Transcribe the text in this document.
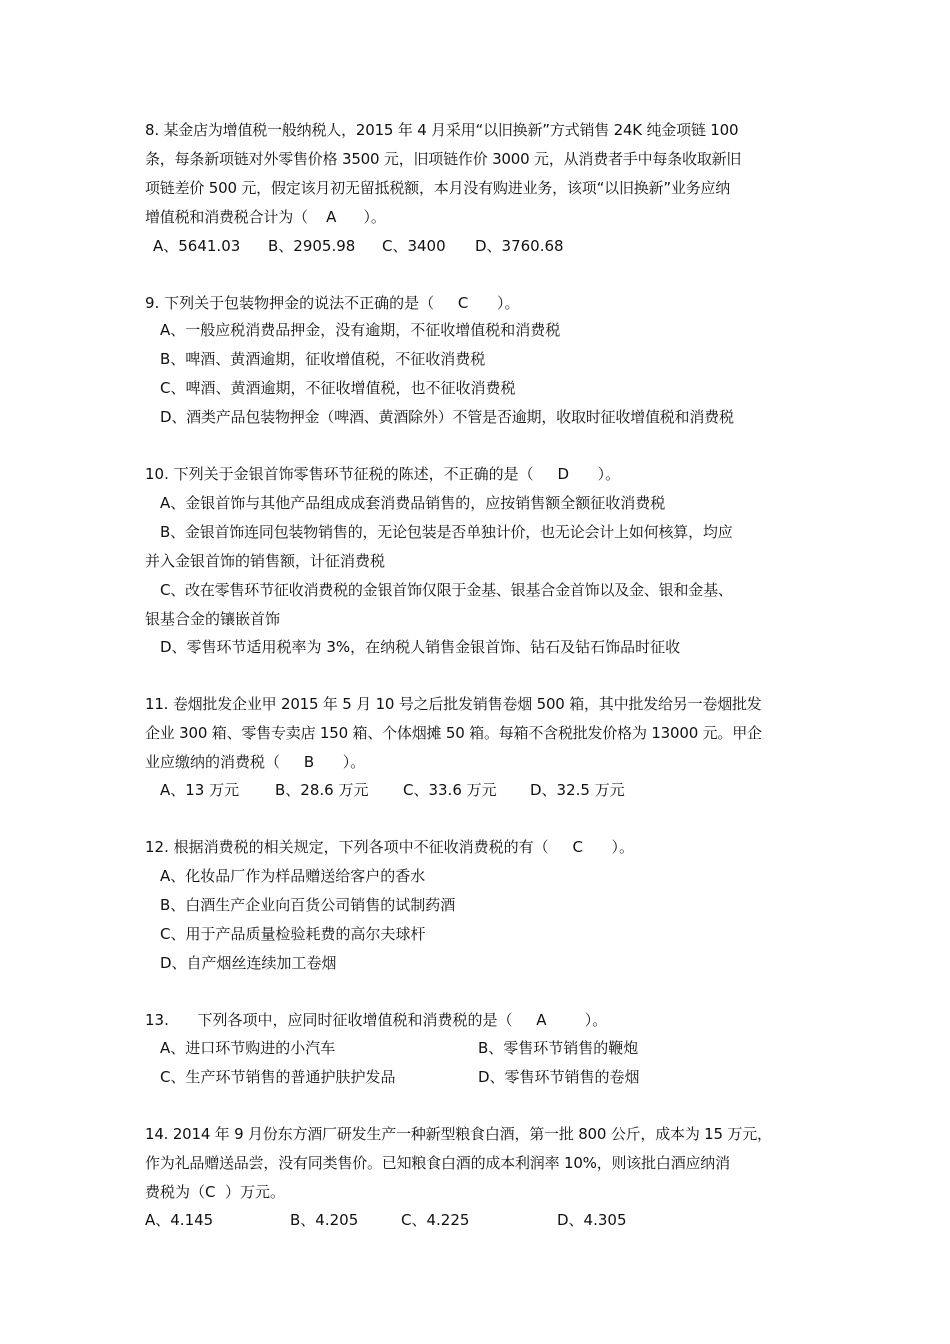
8. 某金店为增值税一般纳税人，2015 年 4 月采用“以旧换新”方式销售 24K 纯金项链 100
条，每条新项链对外零售价格 3500 元，旧项链作价 3000 元，从消费者手中每条收取新旧
项链差价 500 元，假定该月初无留抵税额，本月没有购进业务，该项“以旧换新”业务应纳
增值税和消费税合计为（    A      ）。
A、5641.03 B、2905.98 C、3400 D、3760.68
9. 下列关于包装物押金的说法不正确的是（     C      ）。
A、一般应税消费品押金，没有逾期，不征收增值税和消费税
B、啤酒、黄酒逾期，征收增值税，不征收消费税
C、啤酒、黄酒逾期，不征收增值税，也不征收消费税
D、酒类产品包装物押金（啤酒、黄酒除外）不管是否逾期，收取时征收增值税和消费税
10. 下列关于金银首饰零售环节征税的陈述，不正确的是（     D      ）。
A、金银首饰与其他产品组成成套消费品销售的，应按销售额全额征收消费税
B、金银首饰连同包装物销售的，无论包装是否单独计价，也无论会计上如何核算，均应
并入金银首饰的销售额，计征消费税
C、改在零售环节征收消费税的金银首饰仅限于金基、银基合金首饰以及金、银和金基、
银基合金的镶嵌首饰
D、零售环节适用税率为 3%，在纳税人销售金银首饰、钻石及钻石饰品时征收
11. 卷烟批发企业甲 2015 年 5 月 10 号之后批发销售卷烟 500 箱，其中批发给另一卷烟批发
企业 300 箱、零售专卖店 150 箱、个体烟摊 50 箱。每箱不含税批发价格为 13000 元。甲企
业应缴纳的消费税（     B      ）。
A、13 万元 B、28.6 万元 C、33.6 万元 D、32.5 万元
12. 根据消费税的相关规定，下列各项中不征收消费税的有（     C      ）。
A、化妆品厂作为样品赠送给客户的香水
B、白酒生产企业向百货公司销售的试制药酒
C、用于产品质量检验耗费的高尔夫球杆
D、自产烟丝连续加工卷烟
13.      下列各项中，应同时征收增值税和消费税的是（     A        ）。
A、进口环节购进的小汽车	B、零售环节销售的鞭炮
C、生产环节销售的普通护肤护发品	D、零售环节销售的卷烟
14. 2014 年 9 月份东方酒厂研发生产一种新型粮食白酒，第一批 800 公斤，成本为 15 万元，
作为礼品赠送品尝，没有同类售价。已知粮食白酒的成本利润率 10%，则该批白酒应纳消
费税为（C  ）万元。
A、4.145	B、4.205	C、4.225	D、4.305
